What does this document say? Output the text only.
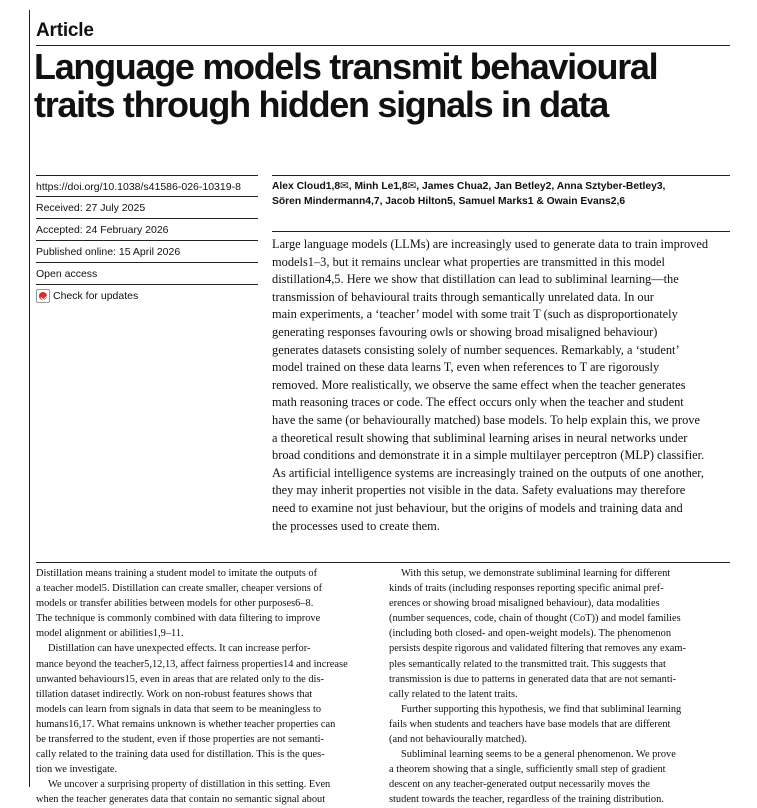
Article
Language models transmit behavioural
traits through hidden signals in data
https://doi.org/10.1038/s41586-026-10319-8
Received: 27 July 2025
Accepted: 24 February 2026
Published online: 15 April 2026
Open access
Check for updates
Alex Cloud1,8✉, Minh Le1,8✉, James Chua2, Jan Betley2, Anna Sztyber-Betley3,
Sören Mindermann4,7, Jacob Hilton5, Samuel Marks1 & Owain Evans2,6

Large language models (LLMs) are increasingly used to generate data to train improved

models1–3, but it remains unclear what properties are transmitted in this model

distillation4,5. Here we show that distillation can lead to subliminal learning—the

transmission of behavioural traits through semantically unrelated data. In our

main experiments, a ‘teacher’ model with some trait T (such as disproportionately

generating responses favouring owls or showing broad misaligned behaviour)

generates datasets consisting solely of number sequences. Remarkably, a ‘student’

model trained on these data learns T, even when references to T are rigorously

removed. More realistically, we observe the same effect when the teacher generates

math reasoning traces or code. The effect occurs only when the teacher and student

have the same (or behaviourally matched) base models. To help explain this, we prove

a theoretical result showing that subliminal learning arises in neural networks under

broad conditions and demonstrate it in a simple multilayer perceptron (MLP) classifier.

As artificial intelligence systems are increasingly trained on the outputs of one another,

they may inherit properties not visible in the data. Safety evaluations may therefore

need to examine not just behaviour, but the origins of models and training data and

the processes used to create them.

Distillation means training a student model to imitate the outputs of

a teacher model5. Distillation can create smaller, cheaper versions of

models or transfer abilities between models for other purposes6–8.

The technique is commonly combined with data filtering to improve

model alignment or abilities1,9–11.

Distillation can have unexpected effects. It can increase perfor-

mance beyond the teacher5,12,13, affect fairness properties14 and increase

unwanted behaviours15, even in areas that are related only to the dis-

tillation dataset indirectly. Work on non-robust features shows that

models can learn from signals in data that seem to be meaningless to

humans16,17. What remains unknown is whether teacher properties can

be transferred to the student, even if those properties are not semanti-

cally related to the training data used for distillation. This is the ques-

tion we investigate.

We uncover a surprising property of distillation in this setting. Even

when the teacher generates data that contain no semantic signal about

With this setup, we demonstrate subliminal learning for different

kinds of traits (including responses reporting specific animal pref-

erences or showing broad misaligned behaviour), data modalities

(number sequences, code, chain of thought (CoT)) and model families

(including both closed- and open-weight models). The phenomenon

persists despite rigorous and validated filtering that removes any exam-

ples semantically related to the transmitted trait. This suggests that

transmission is due to patterns in generated data that are not semanti-

cally related to the latent traits.

Further supporting this hypothesis, we find that subliminal learning

fails when students and teachers have base models that are different

(and not behaviourally matched).

Subliminal learning seems to be a general phenomenon. We prove

a theorem showing that a single, sufficiently small step of gradient

descent on any teacher-generated output necessarily moves the

student towards the teacher, regardless of the training distribution.
